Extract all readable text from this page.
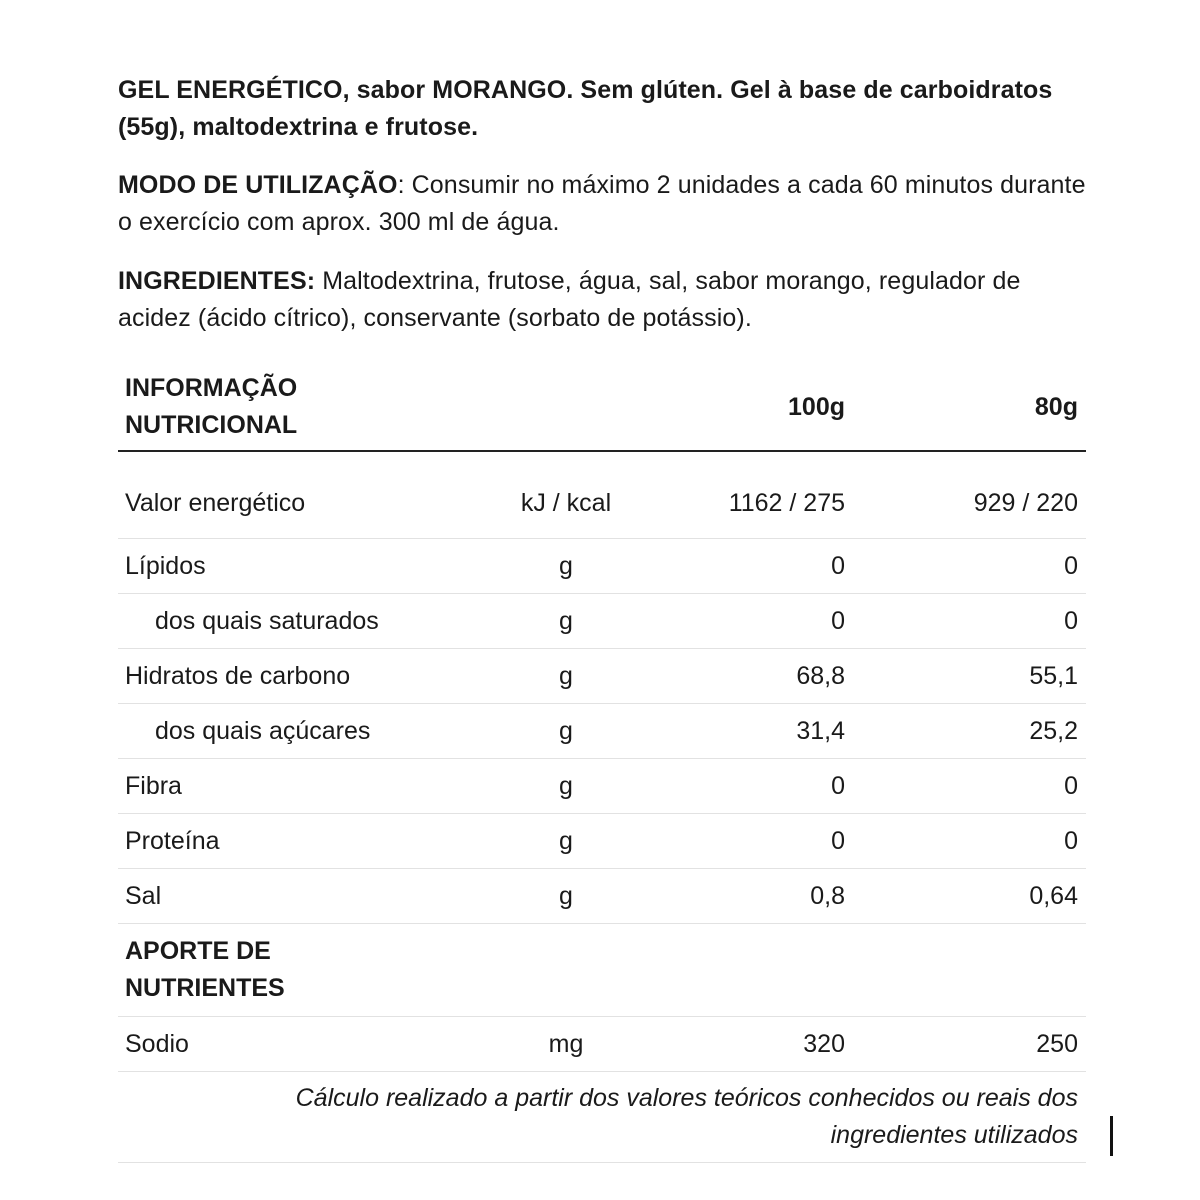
GEL ENERGÉTICO, sabor MORANGO. Sem glúten. Gel à base de carboidratos (55g), maltodextrina e frutose.

MODO DE UTILIZAÇÃO: Consumir no máximo 2 unidades a cada 60 minutos durante o exercício com aprox. 300 ml de água.

INGREDIENTES: Maltodextrina, frutose, água, sal, sabor morango, regulador de acidez (ácido cítrico), conservante (sorbato de potássio).

INFORMAÇÃO
NUTRICIONAL		100g	80g
Valor energético	kJ / kcal	1162 / 275	929 / 220
Lípidos	g	0	0
dos quais saturados	g	0	0
Hidratos de carbono	g	68,8	55,1
dos quais açúcares	g	31,4	25,2
Fibra	g	0	0
Proteína	g	0	0
Sal	g	0,8	0,64
APORTE DE
NUTRIENTES			
Sodio	mg	320	250
Cálculo realizado a partir dos valores teóricos conhecidos ou reais dos
ingredientes utilizados			
